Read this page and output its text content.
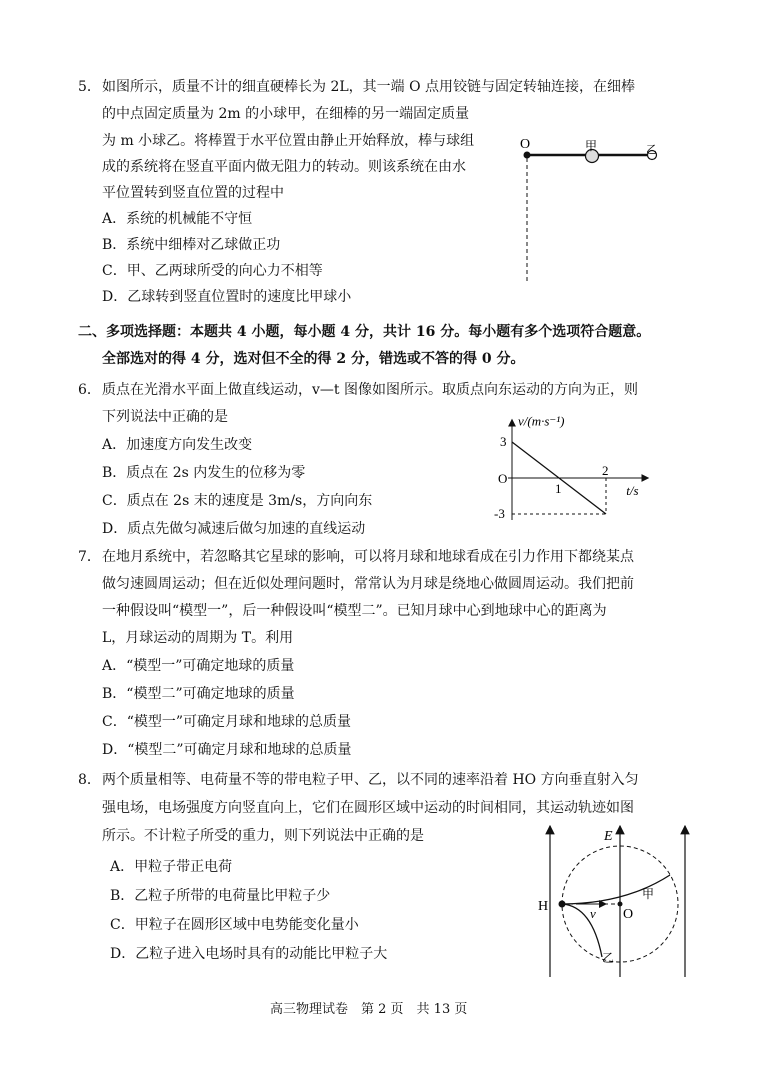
5． 如图所示，质量不计的细直硬棒长为 2L，其一端 O 点用铰链与固定转轴连接，在细棒
的中点固定质量为 2m 的小球甲，在细棒的另一端固定质量
为 m 小球乙。将棒置于水平位置由静止开始释放，棒与球组
成的系统将在竖直平面内做无阻力的转动。则该系统在由水
平位置转到竖直位置的过程中
A．系统的机械能不守恒
B．系统中细棒对乙球做正功
C．甲、乙两球所受的向心力不相等
D．乙球转到竖直位置时的速度比甲球小
O	甲	乙
二、多项选择题：本题共 4 小题，每小题 4 分，共计 16 分。每小题有多个选项符合题意。
全部选对的得 4 分，选对但不全的得 2 分，错选或不答的得 0 分。
6． 质点在光滑水平面上做直线运动，v—t 图像如图所示。取质点向东运动的方向为正，则
下列说法中正确的是
A．加速度方向发生改变
B．质点在 2s 内发生的位移为零
C．质点在 2s 末的速度是 3m/s，方向向东
D．质点先做匀减速后做匀加速的直线运动
v/(m·s⁻¹)
t/s
O
3
-3
1
2
7． 在地月系统中，若忽略其它星球的影响，可以将月球和地球看成在引力作用下都绕某点
做匀速圆周运动；但在近似处理问题时，常常认为月球是绕地心做圆周运动。我们把前
一种假设叫“模型一”，后一种假设叫“模型二”。已知月球中心到地球中心的距离为
L，月球运动的周期为 T。利用
A．“模型一”可确定地球的质量
B．“模型二”可确定地球的质量
C．“模型一”可确定月球和地球的总质量
D．“模型二”可确定月球和地球的总质量
8． 两个质量相等、电荷量不等的带电粒子甲、乙，以不同的速率沿着 HO 方向垂直射入匀
强电场，电场强度方向竖直向上，它们在圆形区域中运动的时间相同，其运动轨迹如图
所示。不计粒子所受的重力，则下列说法中正确的是
A．甲粒子带正电荷
B．乙粒子所带的电荷量比甲粒子少
C．甲粒子在圆形区域中电势能变化量小
D．乙粒子进入电场时具有的动能比甲粒子大
E
H	v O
甲
乙
高三物理试卷　第 2 页　共 13 页
